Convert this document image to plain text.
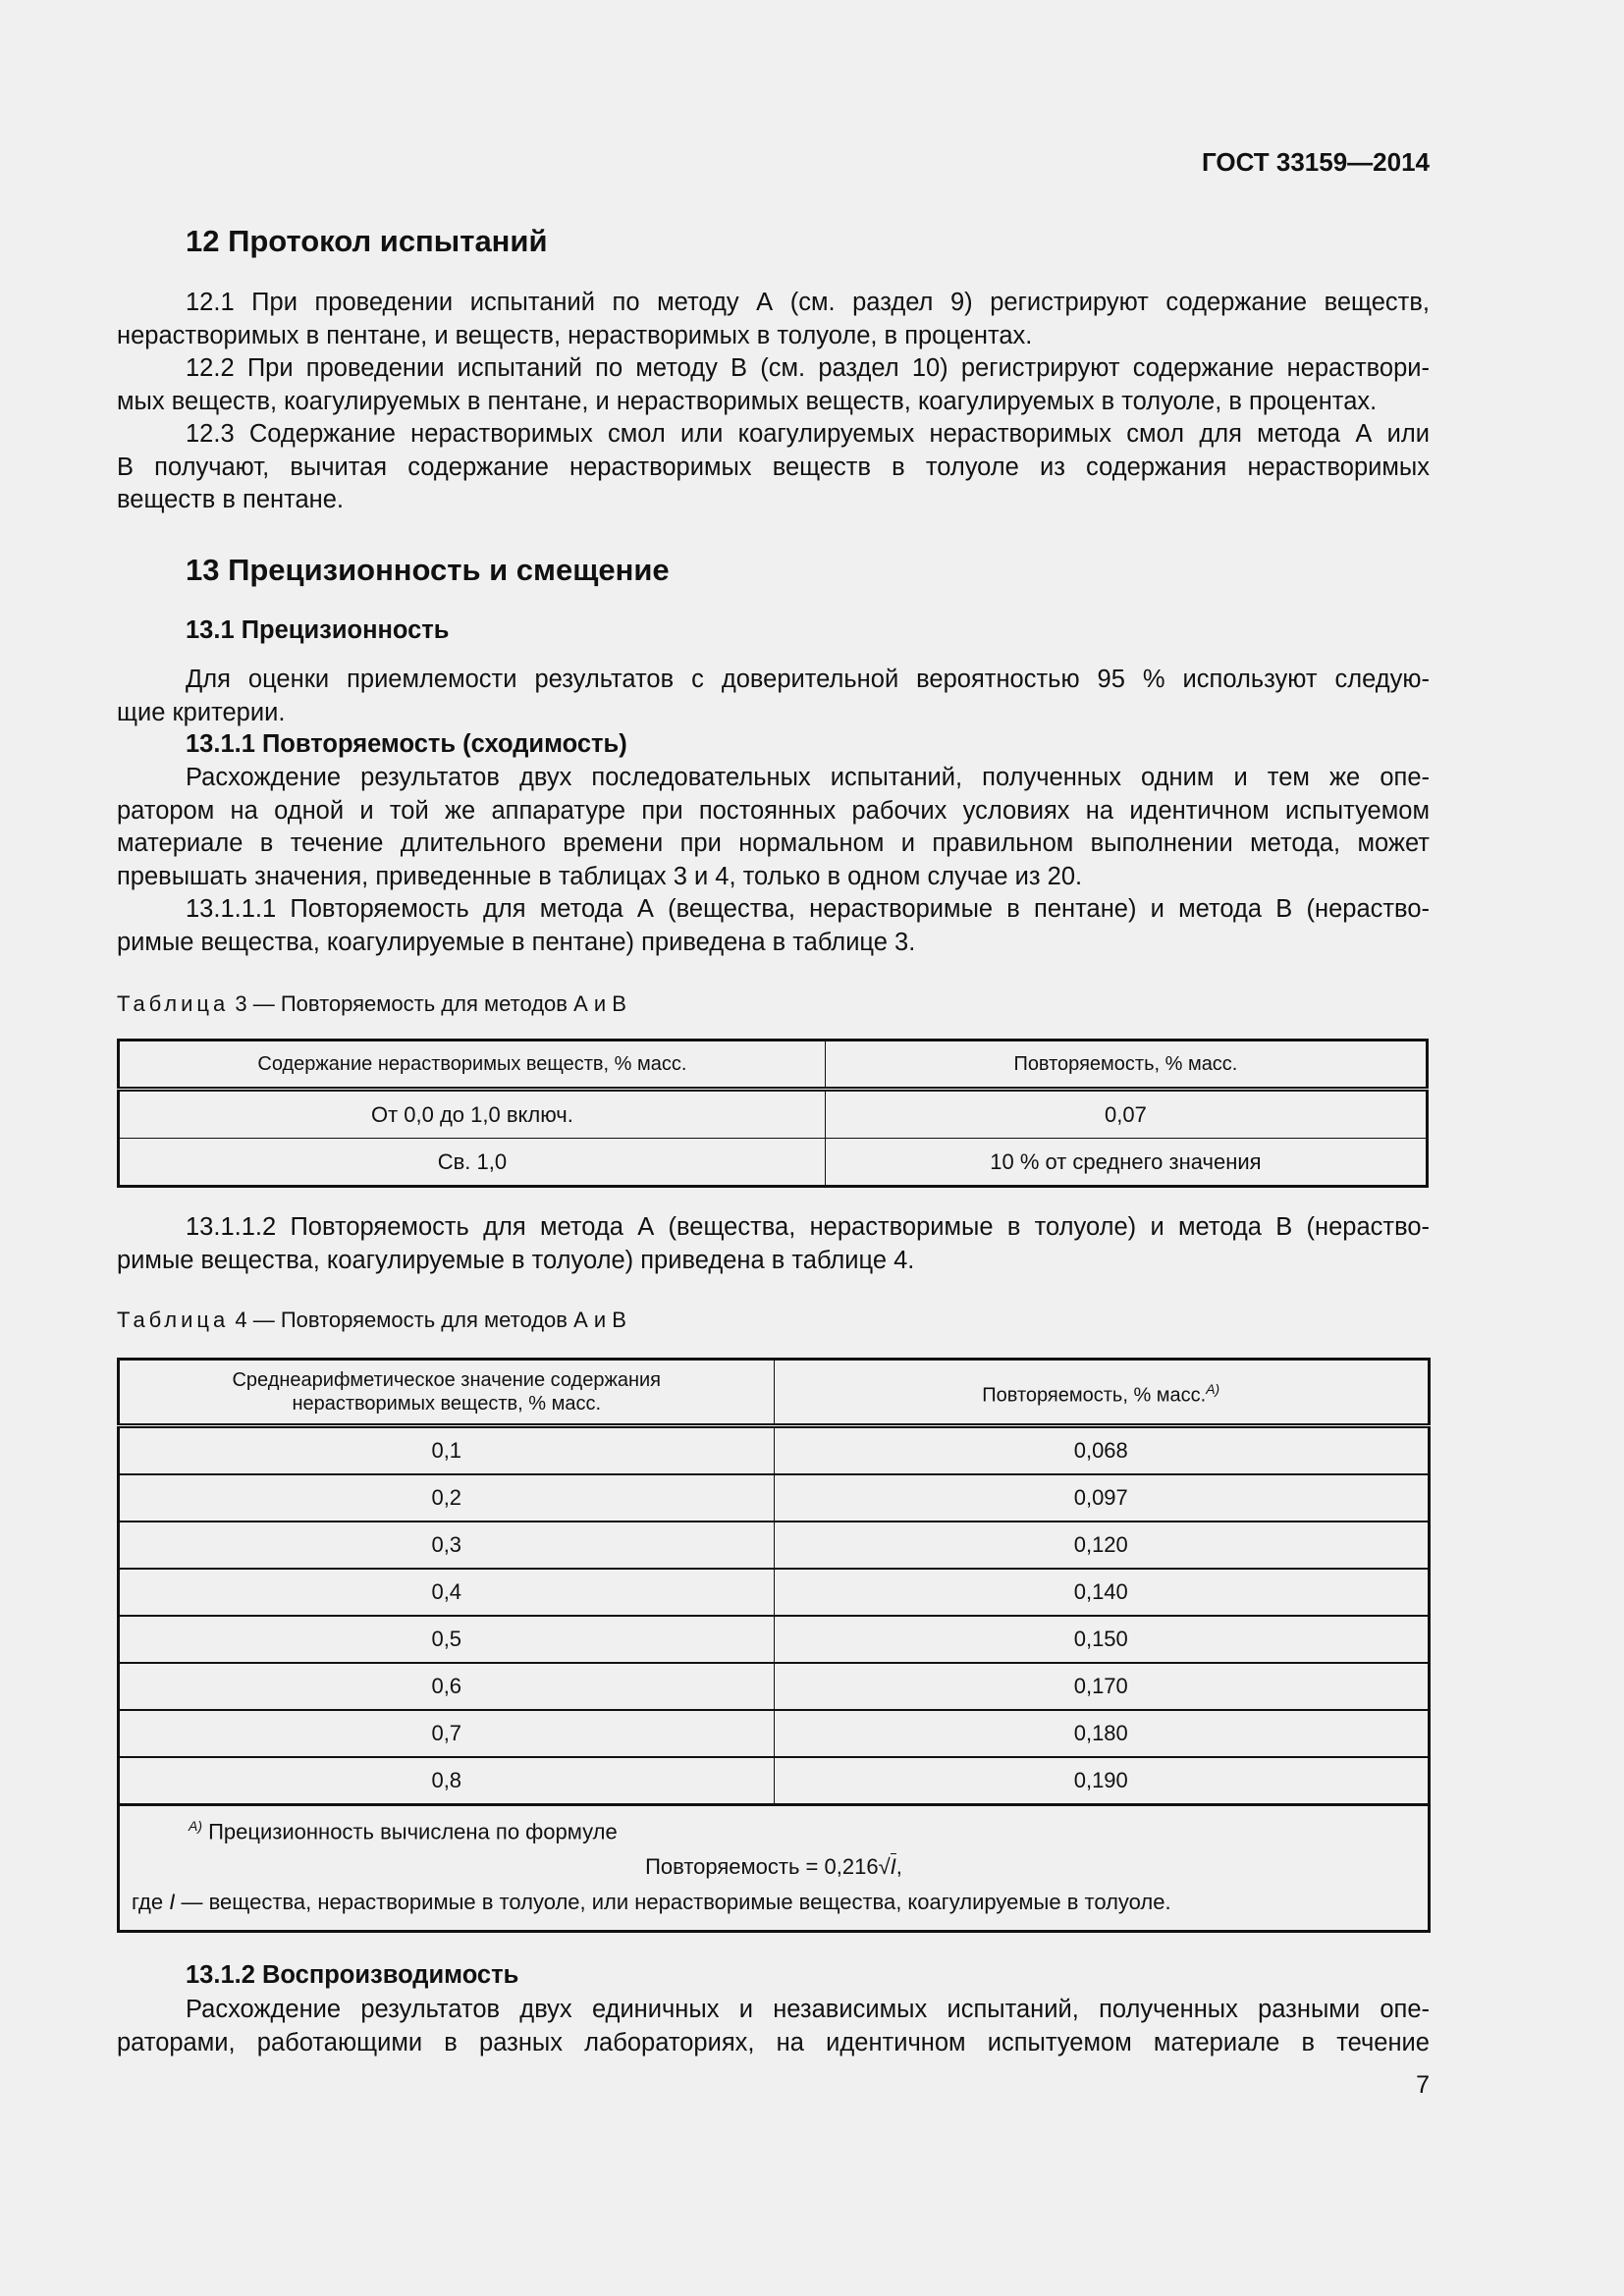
ГОСТ 33159—2014
12 Протокол испытаний
12.1 При проведении испытаний по методу А (см. раздел 9) регистрируют содержание веществ,
нерастворимых в пентане, и веществ, нерастворимых в толуоле, в процентах.
12.2 При проведении испытаний по методу В (см. раздел 10) регистрируют содержание нераствори-
мых веществ, коагулируемых в пентане, и нерастворимых веществ, коагулируемых в толуоле, в процентах.
12.3 Содержание нерастворимых смол или коагулируемых нерастворимых смол для метода А или
В получают, вычитая содержание нерастворимых веществ в толуоле из содержания нерастворимых
веществ в пентане.
13 Прецизионность и смещение
13.1 Прецизионность
Для оценки приемлемости результатов с доверительной вероятностью 95 % используют следую-
щие критерии.
13.1.1 Повторяемость (сходимость)
Расхождение результатов двух последовательных испытаний, полученных одним и тем же опе-
ратором на одной и той же аппаратуре при постоянных рабочих условиях на идентичном испытуемом
материале в течение длительного времени при нормальном и правильном выполнении метода, может
превышать значения, приведенные в таблицах 3 и 4, только в одном случае из 20.
13.1.1.1 Повторяемость для метода А (вещества, нерастворимые в пентане) и метода В (нераство-
римые вещества, коагулируемые в пентане) приведена в таблице 3.
Таблица 3 — Повторяемость для методов А и В
Содержание нерастворимых веществ, % масс.	Повторяемость, % масс.
От 0,0 до 1,0 включ.	0,07
Св. 1,0	10 % от среднего значения
13.1.1.2 Повторяемость для метода А (вещества, нерастворимые в толуоле) и метода В (нераство-
римые вещества, коагулируемые в толуоле) приведена в таблице 4.
Таблица 4 — Повторяемость для методов А и В
Среднеарифметическое значение содержания нерастворимых веществ, % масс.	Повторяемость, % масс.$^{А)}$
0,1	0,068
0,2	0,097
0,3	0,120
0,4	0,140
0,5	0,150
0,6	0,170
0,7	0,180
0,8	0,190

$^{А)}$ Прецизионность вычислена по формуле
Повторяемость = 0,216√I,
где I — вещества, нерастворимые в толуоле, или нерастворимые вещества, коагулируемые в толуоле.	
13.1.2 Воспроизводимость
Расхождение результатов двух единичных и независимых испытаний, полученных разными опе-
раторами, работающими в разных лабораториях, на идентичном испытуемом материале в течение
7
